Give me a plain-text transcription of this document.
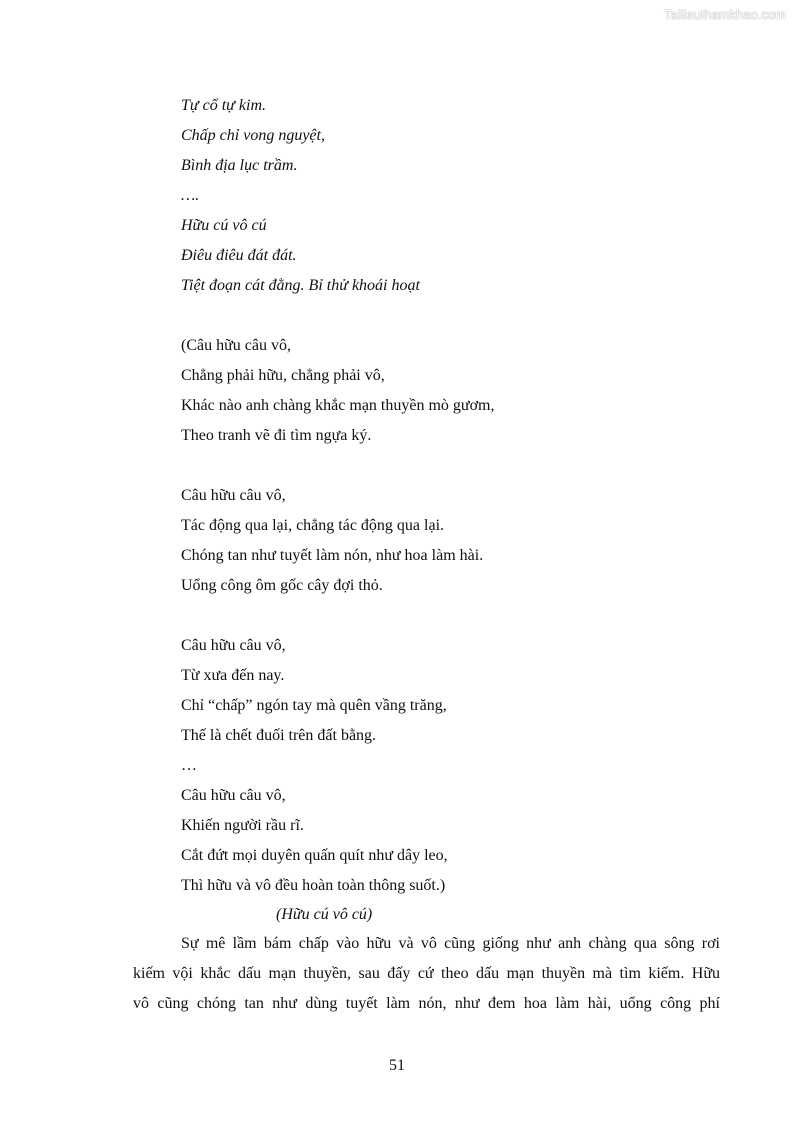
Tailieuthamkhao.com
Tự cổ tự kim.
Chấp chỉ vong nguyệt,
Bình địa lục trầm.
….
Hữu cú vô cú
Điêu điêu đát đát.
Tiệt đoạn cát đằng. Bỉ thử khoái hoạt
(Câu hữu câu vô,
Chẳng phải hữu, chẳng phải vô,
Khác nào anh chàng khắc mạn thuyền mò gươm,
Theo tranh vẽ đi tìm ngựa ký.
Câu hữu câu vô,
Tác động qua lại, chẳng tác động qua lại.
Chóng tan như tuyết làm nón, như hoa làm hài.
Uổng công ôm gốc cây đợi thỏ.
Câu hữu câu vô,
Từ xưa đến nay.
Chỉ “chấp” ngón tay mà quên vầng trăng,
Thế là chết đuối trên đất bằng.
…
Câu hữu câu vô,
Khiến người rầu rĩ.
Cắt đứt mọi duyên quấn quít như dây leo,
Thì hữu và vô đều hoàn toàn thông suốt.)
(Hữu cú vô cú)
Sự mê lầm bám chấp vào hữu và vô cũng giống như anh chàng qua sông rơi
kiếm vội khắc dấu mạn thuyền, sau đấy cứ theo dấu mạn thuyền mà tìm kiếm. Hữu
vô cũng chóng tan như dùng tuyết làm nón, như đem hoa làm hài, uổng công phí
51
